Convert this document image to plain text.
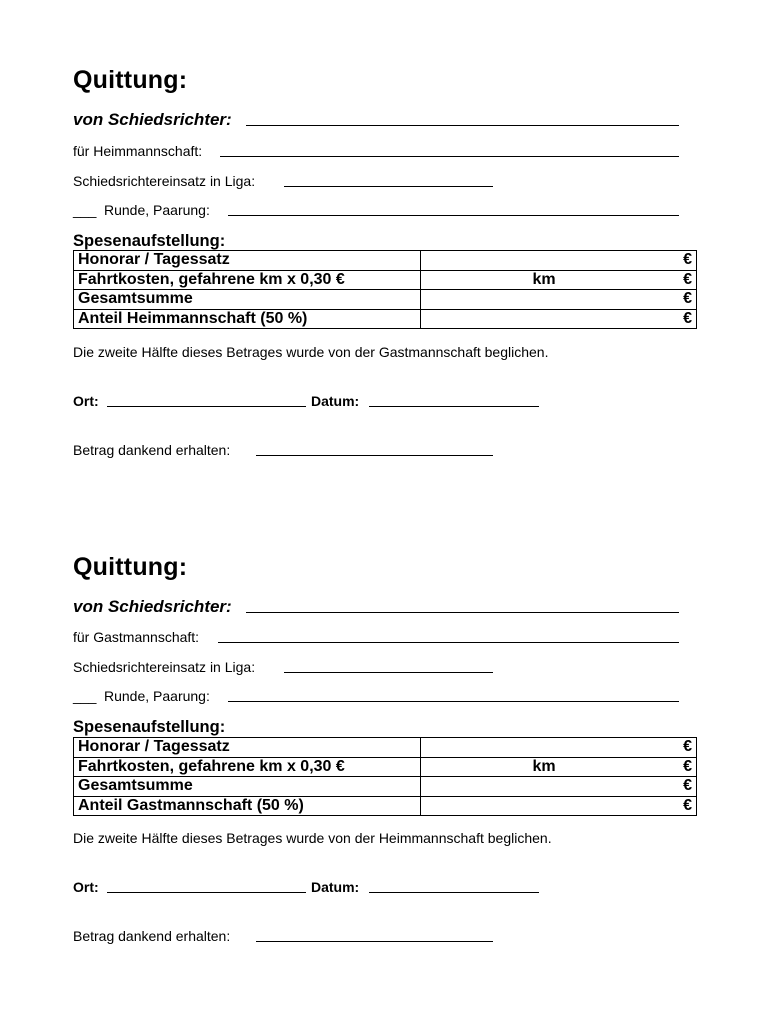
Quittung:
von Schiedsrichter:
für Heimmannschaft:
Schiedsrichtereinsatz in Liga:
___ Runde, Paarung:
Spesenaufstellung:
Honorar / Tagessatz	€

Fahrtkosten, gefahrene km x 0,30 €	km €

Gesamtsumme	€

Anteil Heimmannschaft (50 %)	€
Die zweite Hälfte dieses Betrages wurde von der Gastmannschaft beglichen.
Ort:	Datum:
Betrag dankend erhalten:
Quittung:
von Schiedsrichter:
für Gastmannschaft:
Schiedsrichtereinsatz in Liga:
___ Runde, Paarung:
Spesenaufstellung:
Honorar / Tagessatz	€

Fahrtkosten, gefahrene km x 0,30 €	km €

Gesamtsumme	€

Anteil Gastmannschaft (50 %)	€
Die zweite Hälfte dieses Betrages wurde von der Heimmannschaft beglichen.
Ort:	Datum:
Betrag dankend erhalten:
